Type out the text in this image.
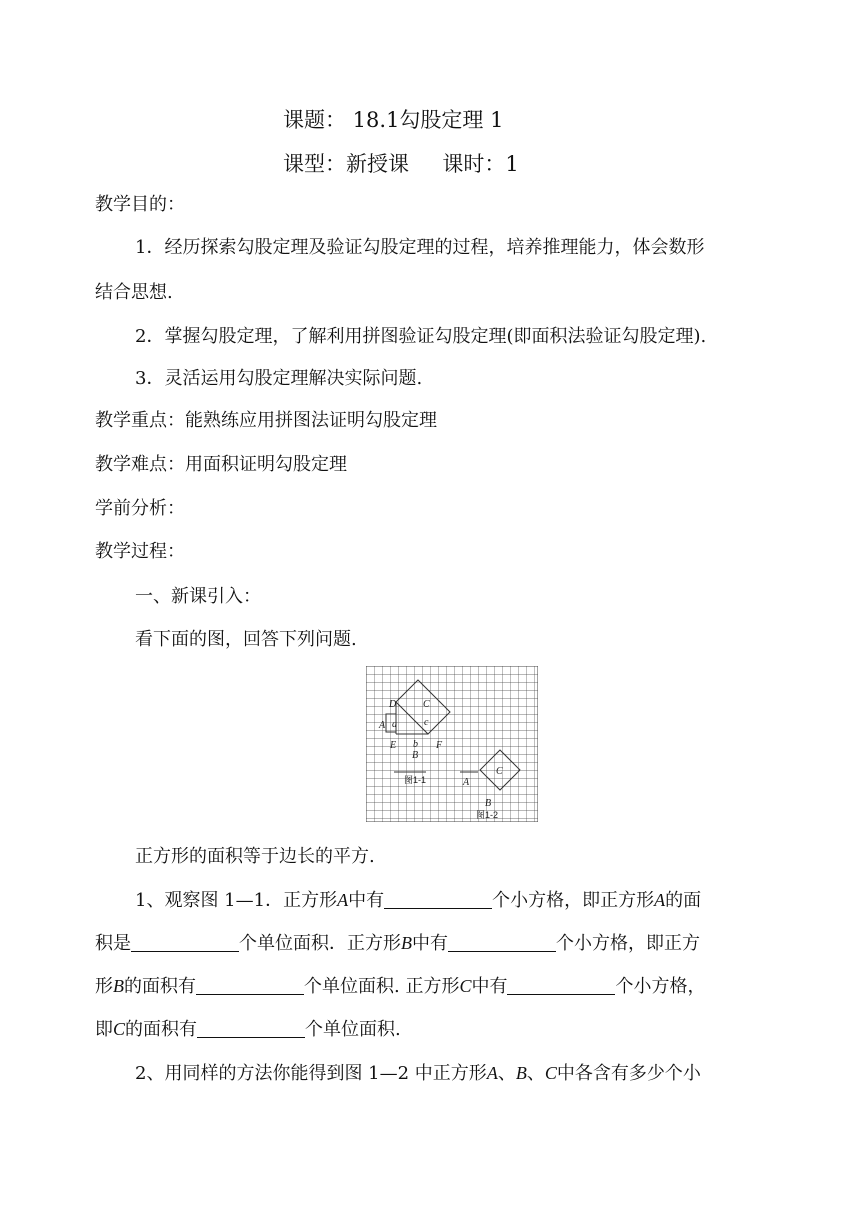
课题： 18.1勾股定理 1
课型：新授课     课时：1
教学目的：
1．经历探索勾股定理及验证勾股定理的过程，培养推理能力，体会数形
结合思想.
2．掌握勾股定理，了解利用拼图验证勾股定理(即面积法验证勾股定理).
3．灵活运用勾股定理解决实际问题.
教学重点：能熟练应用拼图法证明勾股定理
教学难点：用面积证明勾股定理
学前分析：
教学过程：
一、新课引入：
看下面的图，回答下列问题.
D	C
A a	c
E b
B
F
C
A
B
图1-1
图1-2
正方形的面积等于边长的平方.
1、观察图 1—1．正方形A中有	个小方格，即正方形A的面
积是	个单位面积．正方形B中有	个小方格，即正方
形B的面积有	个单位面积. 正方形C中有	个小方格，
即C的面积有	个单位面积.
2、用同样的方法你能得到图 1—2 中正方形A、B、C中各含有多少个小
